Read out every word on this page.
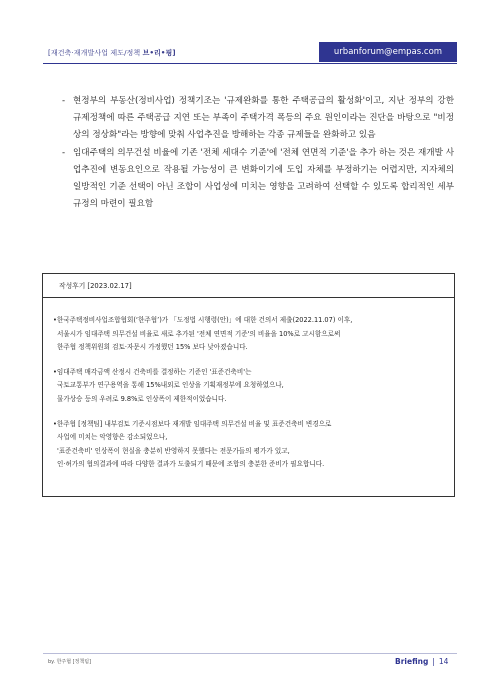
[재건축·재개발사업 제도/정책 브•리•핑]	urbanforum@empas.com

- 현정부의 부동산(정비사업) 정책기조는 '규제완화를 통한 주택공급의 활성화'이고, 지난 정부의 강한 규제정책에 따른 주택공급 지연 또는 부족이 주택가격 폭등의 주요 원인이라는 진단을 바탕으로 "비정상의 정상화"라는 방향에 맞춰 사업추진을 방해하는 각종 규제들을 완화하고 있음

- 임대주택의 의무건설 비율에 기존 '전체 세대수 기준'에 '전체 연면적 기준'을 추가 하는 것은 재개발 사업추진에 변동요인으로 작용될 가능성이 큰 변화이기에 도입 자체를 부정하기는 어렵지만, 지자체의 일방적인 기준 선택이 아닌 조합이 사업성에 미치는 영향을 고려하여 선택할 수 있도록 합리적인 세부규정의 마련이 필요함

작성후기 [2023.02.17]
•한국주택정비사업조합협회(‘한주협’)가 「도정법 시행령(안)」에 대한 건의서 제출(2022.11.07) 이후,
서울시가 임대주택 의무건설 비율로 새로 추가된 '전체 연면적 기준'의 비율을 10%로 고시함으로써
한주협 정책위원회 검토·자문시 가정했던 15% 보다 낮아졌습니다.
•임대주택 매각금액 산정시 건축비를 결정하는 기준인 '표준건축비'는
국토교통부가 연구용역을 통해 15%내외로 인상을 기획재정부에 요청하였으나,
물가상승 등의 우려로 9.8%로 인상폭이 제한적이었습니다.
•한주협 [정책팀] 내부검토 기준시점보다 재개발 임대주택 의무건설 비율 및 표준건축비 변경으로
사업에 미치는 악영향은 감소되었으나,
'표준건축비' 인상폭이 현실을 충분히 반영하지 못했다는 전문가들의 평가가 있고,
인·허가의 협의결과에 따라 다양한 결과가 도출되기 때문에 조합의 충분한 준비가 필요합니다.
by. 한주협 [정책팀]	Briefing | 14
